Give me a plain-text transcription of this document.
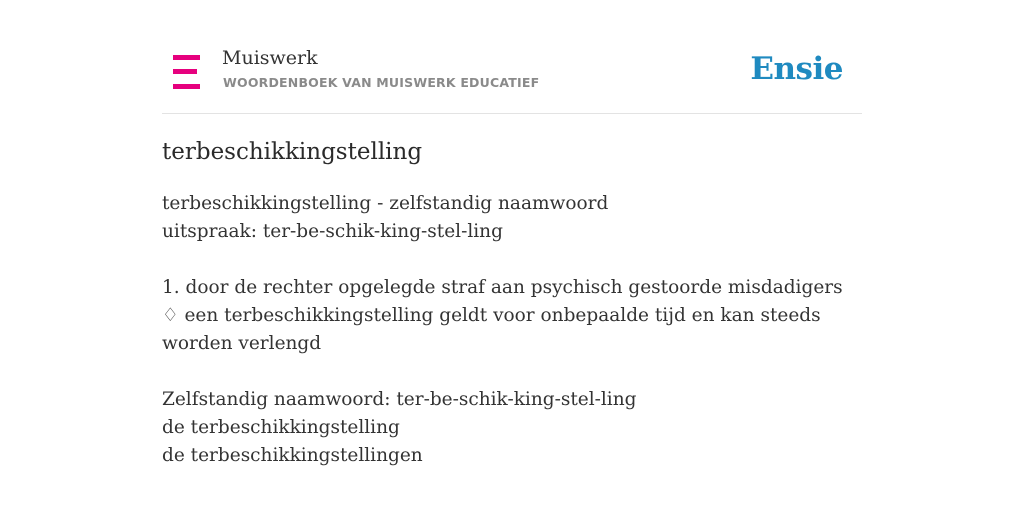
Muiswerk
WOORDENBOEK VAN MUISWERK EDUCATIEF	Ensie
terbeschikkingstelling
terbeschikkingstelling - zelfstandig naamwoord
uitspraak: ter-be-schik-king-stel-ling
1. door de rechter opgelegde straf aan psychisch gestoorde misdadigers
♢ een terbeschikkingstelling geldt voor onbepaalde tijd en kan steeds worden verlengd
Zelfstandig naamwoord: ter-be-schik-king-stel-ling
de terbeschikkingstelling
de terbeschikkingstellingen
